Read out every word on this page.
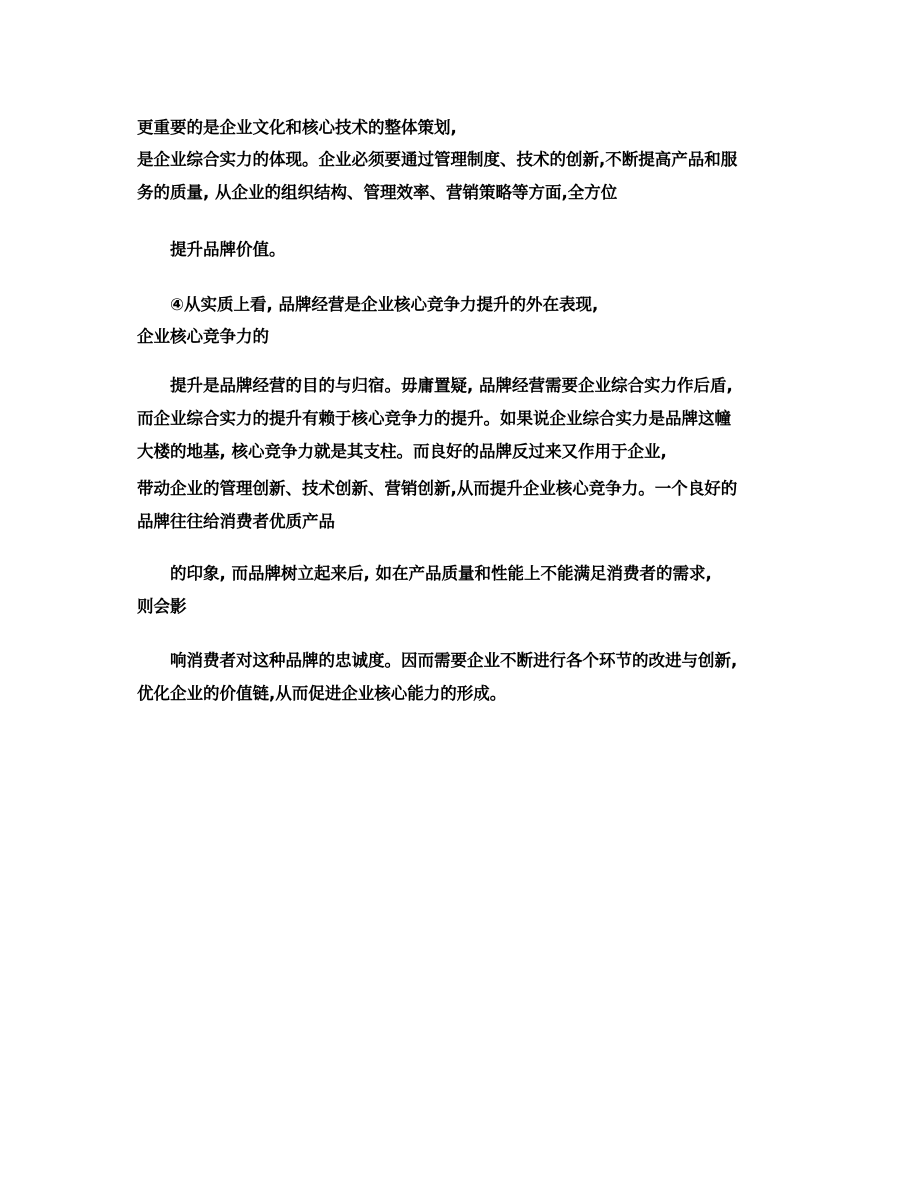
更重要的是企业文化和核心技术的整体策划,
是企业综合实力的体现。企业必须要通过管理制度、技术的创新,不断提高产品和服
务的质量, 从企业的组织结构、管理效率、营销策略等方面,全方位
提升品牌价值。
④从实质上看, 品牌经营是企业核心竞争力提升的外在表现,
企业核心竞争力的
提升是品牌经营的目的与归宿。毋庸置疑, 品牌经营需要企业综合实力作后盾,
而企业综合实力的提升有赖于核心竞争力的提升。如果说企业综合实力是品牌这幢
大楼的地基, 核心竞争力就是其支柱。而良好的品牌反过来又作用于企业,
带动企业的管理创新、技术创新、营销创新,从而提升企业核心竞争力。一个良好的
品牌往往给消费者优质产品
的印象, 而品牌树立起来后, 如在产品质量和性能上不能满足消费者的需求,
则会影
响消费者对这种品牌的忠诚度。因而需要企业不断进行各个环节的改进与创新,
优化企业的价值链,从而促进企业核心能力的形成。
